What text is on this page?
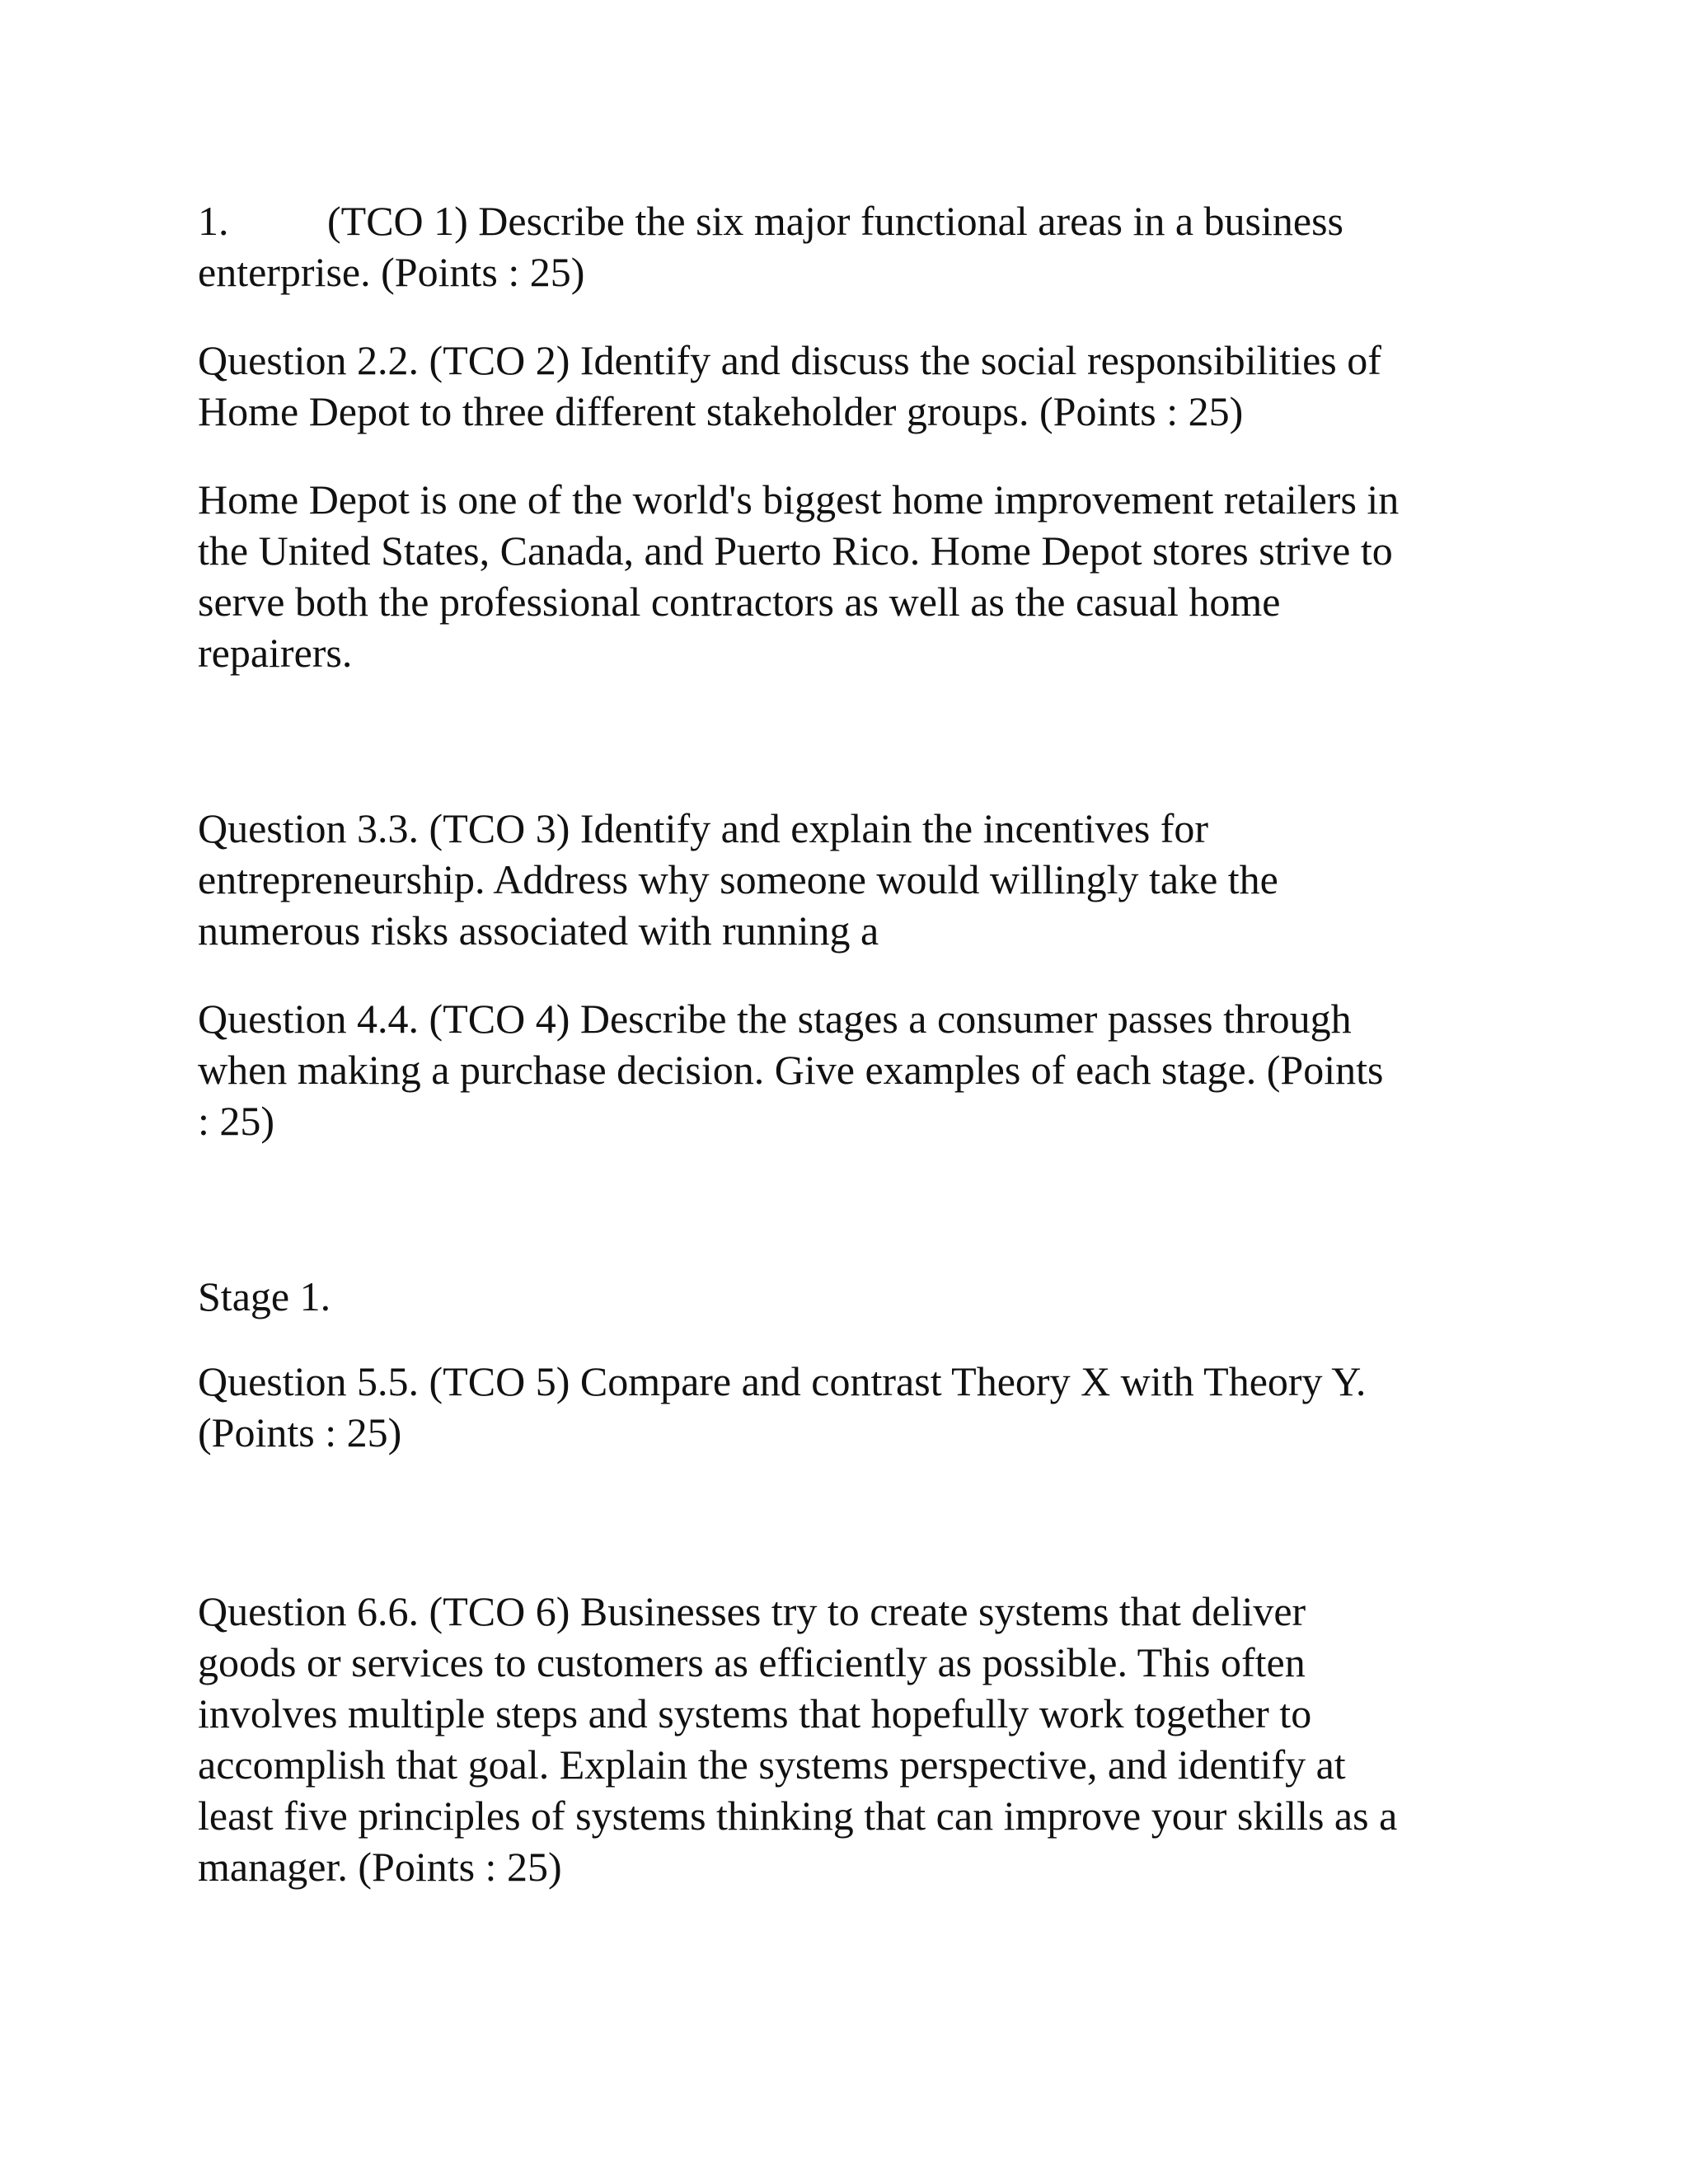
1. (TCO 1) Describe the six major functional areas in a business
enterprise. (Points : 25)
Question 2.2. (TCO 2) Identify and discuss the social responsibilities of
Home Depot to three different stakeholder groups. (Points : 25)
Home Depot is one of the world's biggest home improvement retailers in
the United States, Canada, and Puerto Rico. Home Depot stores strive to
serve both the professional contractors as well as the casual home
repairers.
Question 3.3. (TCO 3) Identify and explain the incentives for
entrepreneurship. Address why someone would willingly take the
numerous risks associated with running a
Question 4.4. (TCO 4) Describe the stages a consumer passes through
when making a purchase decision. Give examples of each stage. (Points
: 25)
Stage 1.
Question 5.5. (TCO 5) Compare and contrast Theory X with Theory Y.
(Points : 25)
Question 6.6. (TCO 6) Businesses try to create systems that deliver
goods or services to customers as efficiently as possible. This often
involves multiple steps and systems that hopefully work together to
accomplish that goal. Explain the systems perspective, and identify at
least five principles of systems thinking that can improve your skills as a
manager. (Points : 25)
